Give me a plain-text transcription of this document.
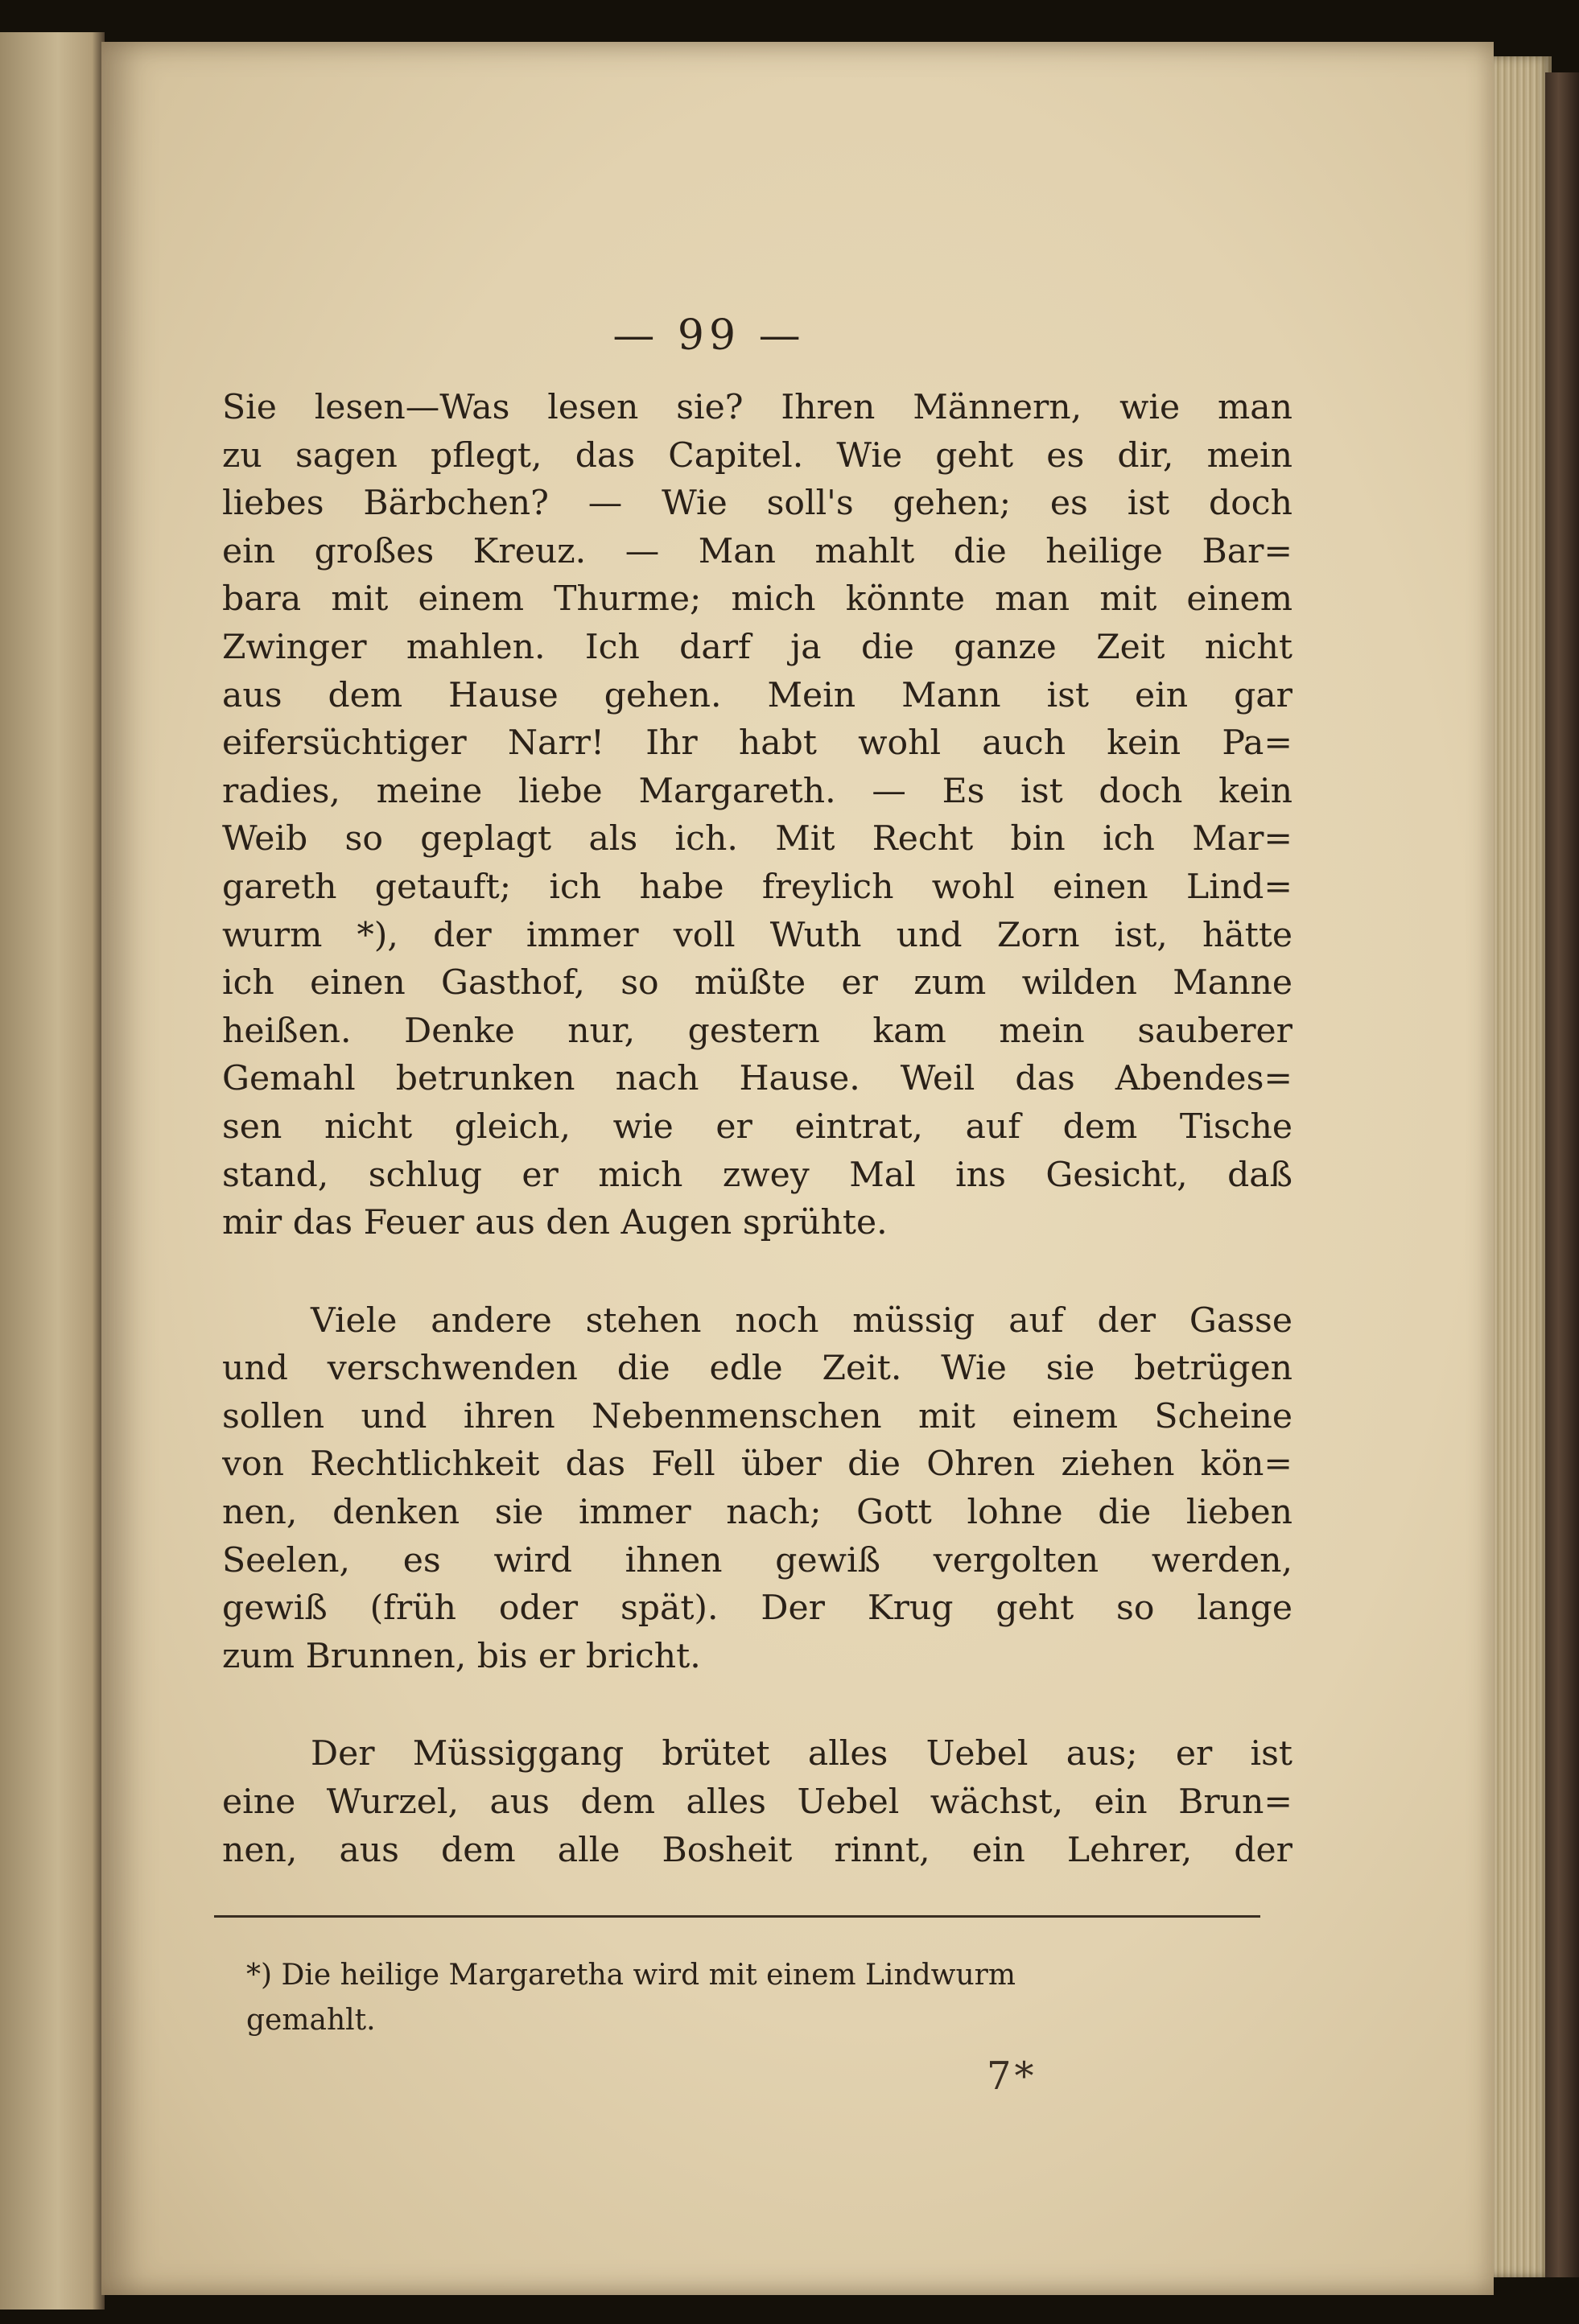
— 99 —

Sie lesen—Was lesen sie? Ihren Männern, wie man
zu sagen pflegt, das Capitel. Wie geht es dir, mein
liebes Bärbchen? — Wie soll's gehen; es ist doch
ein großes Kreuz. — Man mahlt die heilige Bar=
bara mit einem Thurme; mich könnte man mit einem
Zwinger mahlen. Ich darf ja die ganze Zeit nicht
aus dem Hause gehen. Mein Mann ist ein gar
eifersüchtiger Narr! Ihr habt wohl auch kein Pa=
radies, meine liebe Margareth. — Es ist doch kein
Weib so geplagt als ich. Mit Recht bin ich Mar=
gareth getauft; ich habe freylich wohl einen Lind=
wurm *), der immer voll Wuth und Zorn ist, hätte
ich einen Gasthof, so müßte er zum wilden Manne
heißen. Denke nur, gestern kam mein sauberer
Gemahl betrunken nach Hause. Weil das Abendes=
sen nicht gleich, wie er eintrat, auf dem Tische
stand, schlug er mich zwey Mal ins Gesicht, daß
mir das Feuer aus den Augen sprühte.

Viele andere stehen noch müssig auf der Gasse
und verschwenden die edle Zeit. Wie sie betrügen
sollen und ihren Nebenmenschen mit einem Scheine
von Rechtlichkeit das Fell über die Ohren ziehen kön=
nen, denken sie immer nach; Gott lohne die lieben
Seelen, es wird ihnen gewiß vergolten werden,
gewiß (früh oder spät). Der Krug geht so lange
zum Brunnen, bis er bricht.

Der Müssiggang brütet alles Uebel aus; er ist
eine Wurzel, aus dem alles Uebel wächst, ein Brun=
nen, aus dem alle Bosheit rinnt, ein Lehrer, der

*) Die heilige Margaretha wird mit einem Lindwurm
gemahlt.
7*
